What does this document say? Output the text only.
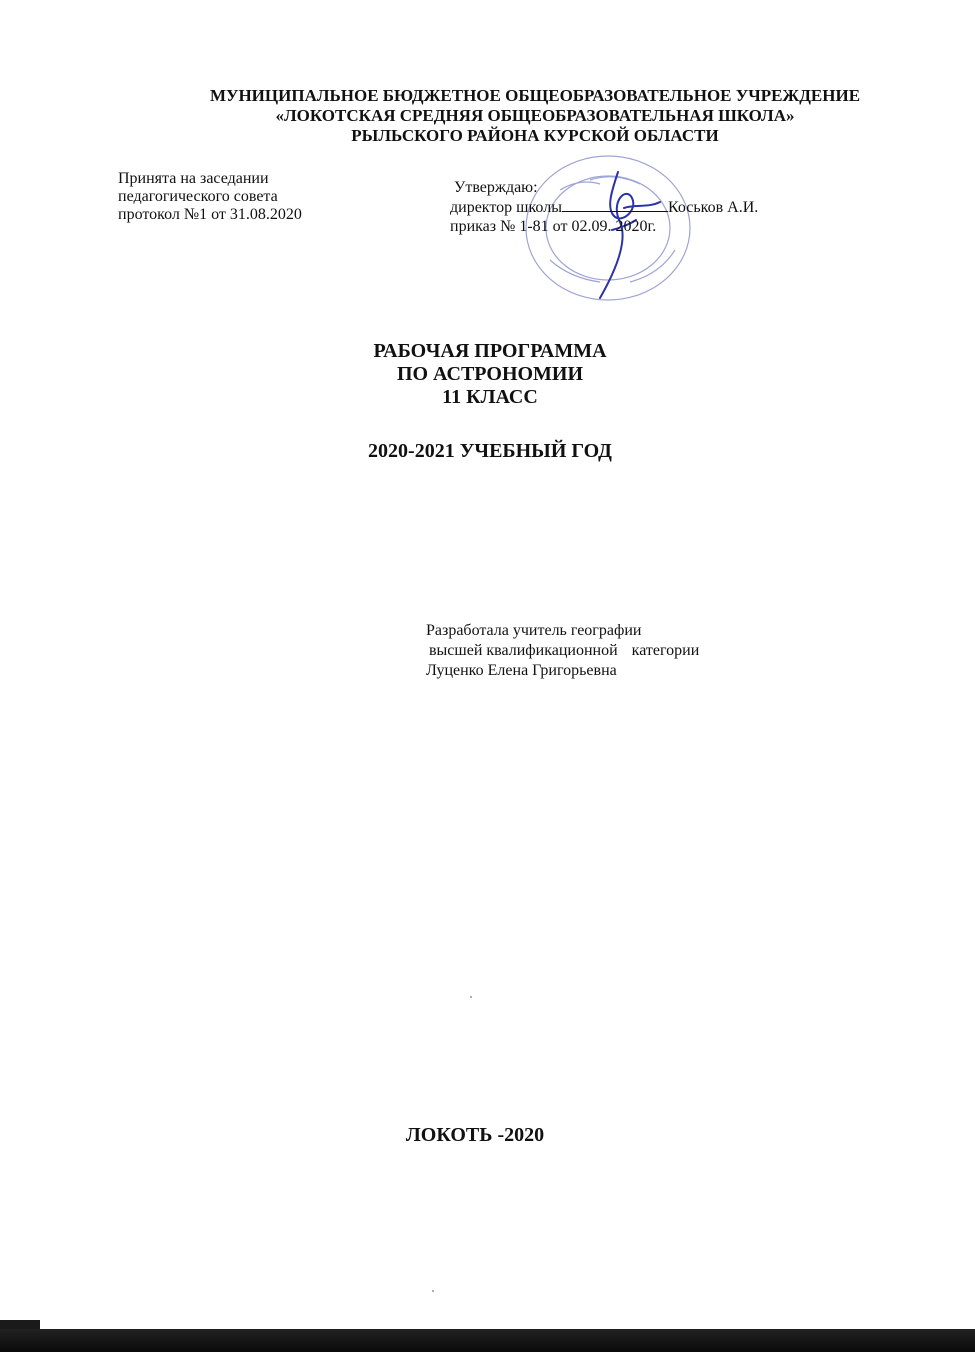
МУНИЦИПАЛЬНОЕ БЮДЖЕТНОЕ ОБЩЕОБРАЗОВАТЕЛЬНОЕ УЧРЕЖДЕНИЕ
«ЛОКОТСКАЯ СРЕДНЯЯ ОБЩЕОБРАЗОВАТЕЛЬНАЯ ШКОЛА»
РЫЛЬСКОГО РАЙОНА КУРСКОЙ ОБЛАСТИ
Принята на заседании
педагогического совета
протокол №1 от 31.08.2020
Утверждаю:
директор школы	Коськов А.И.
приказ № 1-81 от 02.09. 2020г.
РАБОЧАЯ ПРОГРАММА
ПО АСТРОНОМИИ
11 КЛАСС
2020-2021 УЧЕБНЫЙ ГОД
Разработала учитель географии
высшей квалификационной категории
Луценко Елена Григорьевна
ЛОКОТЬ -2020
